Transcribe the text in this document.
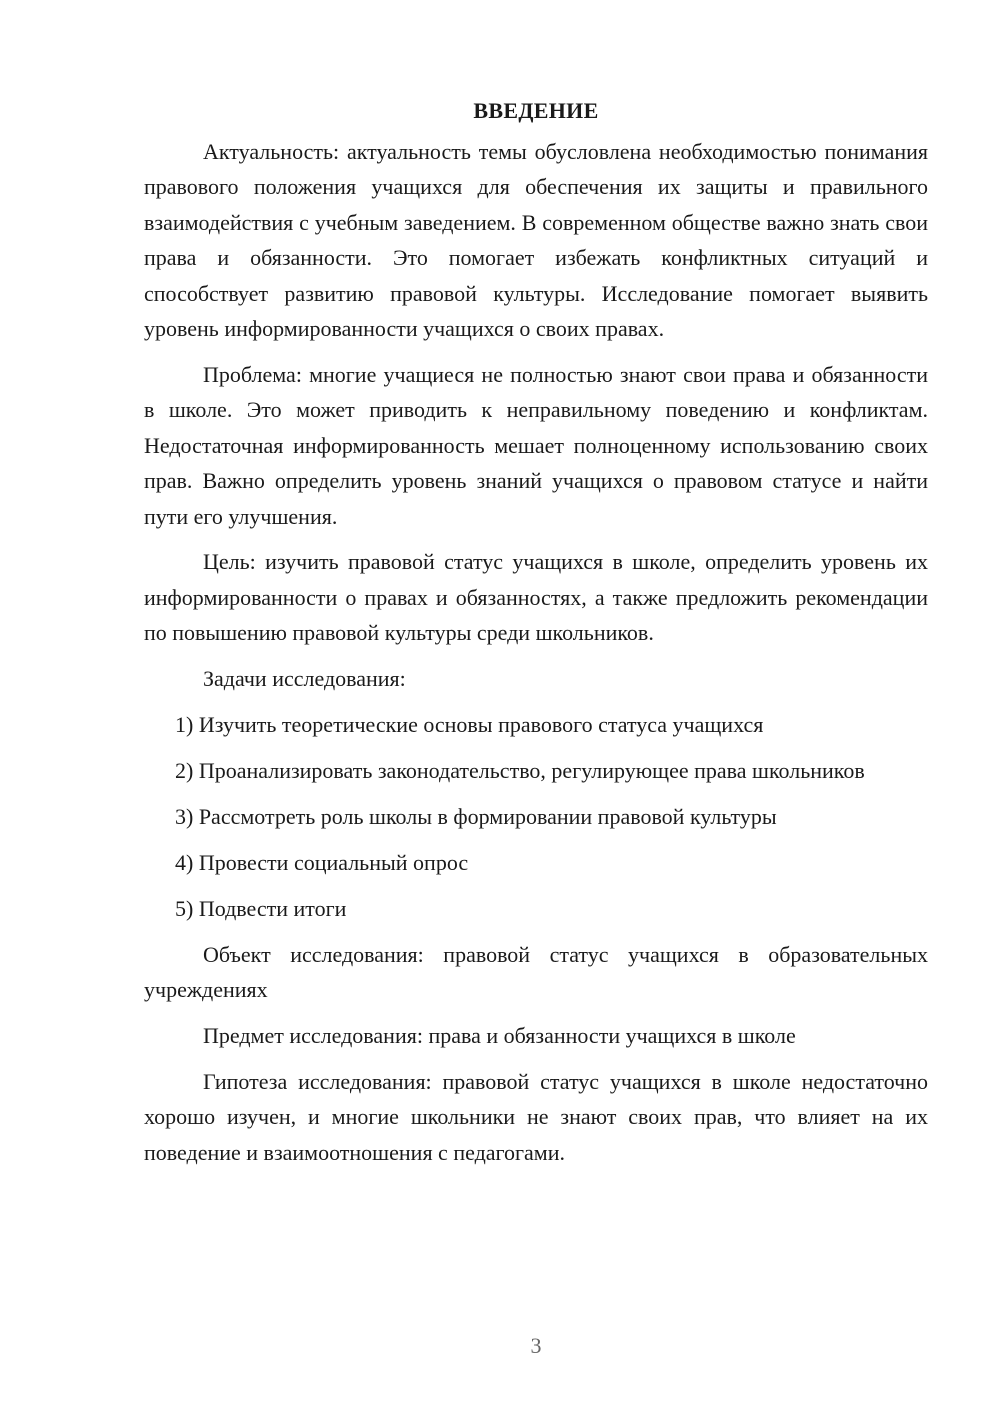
ВВЕДЕНИЕ

Актуальность: актуальность темы обусловлена необходимостью понимания правового положения учащихся для обеспечения их защиты и правильного взаимодействия с учебным заведением. В современном обществе важно знать свои права и обязанности. Это помогает избежать конфликтных ситуаций и способствует развитию правовой культуры. Исследование помогает выявить уровень информированности учащихся о своих правах.

Проблема: многие учащиеся не полностью знают свои права и обязанности в школе. Это может приводить к неправильному поведению и конфликтам. Недостаточная информированность мешает полноценному использованию своих прав. Важно определить уровень знаний учащихся о правовом статусе и найти пути его улучшения.

Цель: изучить правовой статус учащихся в школе, определить уровень их информированности о правах и обязанностях, а также предложить рекомендации по повышению правовой культуры среди школьников.

Задачи исследования:

1) Изучить теоретические основы правового статуса учащихся

2) Проанализировать законодательство, регулирующее права школьников

3) Рассмотреть роль школы в формировании правовой культуры

4) Провести социальный опрос

5) Подвести итоги

Объект исследования: правовой статус учащихся в образовательных учреждениях

Предмет исследования: права и обязанности учащихся в школе

Гипотеза исследования: правовой статус учащихся в школе недостаточно хорошо изучен, и многие школьники не знают своих прав, что влияет на их поведение и взаимоотношения с педагогами.

3
